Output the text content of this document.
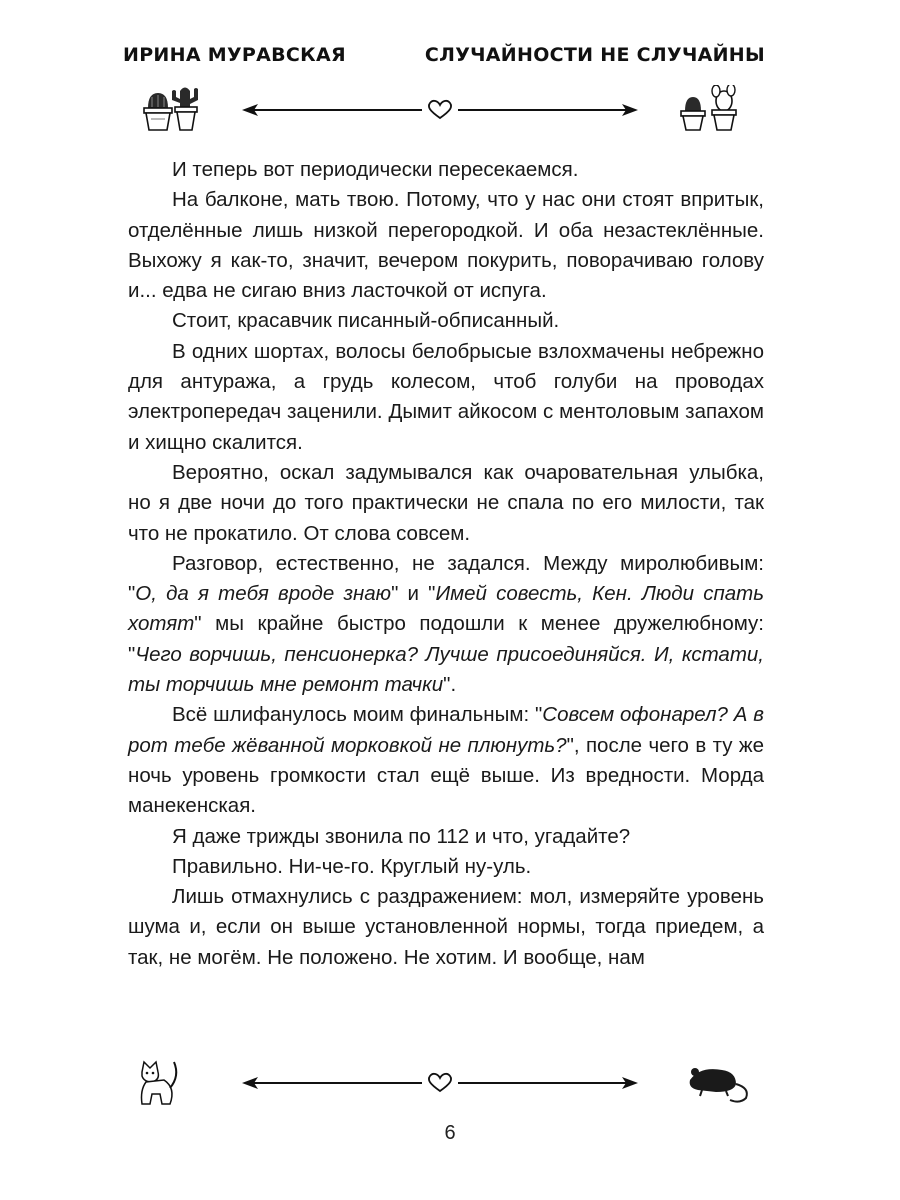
ИРИНА МУРАВСКАЯ	СЛУЧАЙНОСТИ НЕ СЛУЧАЙНЫ

И теперь вот периодически пересекаемся.

На балконе, мать твою. Потому, что у нас они стоят впритык, отделённые лишь низкой перегородкой. И оба незастеклённые. Выхожу я как-то, значит, вечером покурить, поворачиваю голову и... едва не сигаю вниз ласточкой от испуга.

Стоит, красавчик писанный-обписанный.

В одних шортах, волосы белобрысые взлохмачены небрежно для антуража, а грудь колесом, чтоб голуби на проводах электропередач заценили. Дымит айкосом с ментоловым запахом и хищно скалится.

Вероятно, оскал задумывался как очаровательная улыбка, но я две ночи до того практически не спала по его милости, так что не прокатило. От слова совсем.

Разговор, естественно, не задался. Между миролюбивым: "О, да я тебя вроде знаю" и "Имей совесть, Кен. Люди спать хотят" мы крайне быстро подошли к менее дружелюбному: "Чего ворчишь, пенсионерка? Лучше присоединяйся. И, кстати, ты торчишь мне ремонт тачки".

Всё шлифанулось моим финальным: "Совсем офонарел? А в рот тебе жёванной морковкой не плюнуть?", после чего в ту же ночь уровень громкости стал ещё выше. Из вредности. Морда манекенская.

Я даже трижды звонила по 112 и что, угадайте?

Правильно. Ни-че-го. Круглый ну-уль.

Лишь отмахнулись с раздражением: мол, измеряйте уровень шума и, если он выше установленной нормы, тогда приедем, а так, не могём. Не положено. Не хотим. И вообще, нам

6
